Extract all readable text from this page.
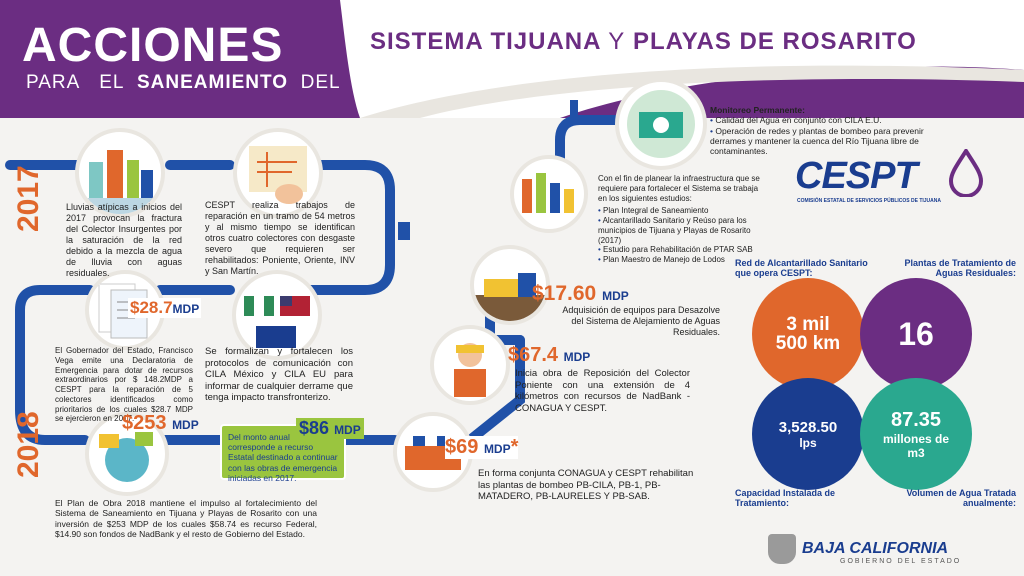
ACCIONES
PARA EL SANEAMIENTO DEL
SISTEMA TIJUANA Y PLAYAS DE ROSARITO
2017
2018
Lluvias atípicas a inicios del 2017 provocan la fractura del Colector Insurgentes por la saturación de la red debido a la mezcla de agua de lluvia con aguas residuales.
CESPT realiza trabajos de reparación en un tramo de 54 metros y al mismo tiempo se identifican otros cuatro colectores con desgaste severo que requieren ser rehabilitados: Poniente, Oriente, INV y San Martín.
El Gobernador del Estado, Francisco Vega emite una Declaratoria de Emergencia para dotar de recursos extraordinarios por $ 148.2MDP a CESPT para la reparación de 5 colectores identificados como prioritarios de los cuales $28.7 MDP se ejercieron en 2017.
Se formalizan y fortalecen los protocolos de comunicación con CILA México y CILA EU para informar de cualquier derrame que tenga impacto transfronterizo.
El Plan de Obra 2018 mantiene el impulso al fortalecimiento del Sistema de Saneamiento en Tijuana y Playas de Rosarito con una inversión de $253 MDP de los cuales $58.74 es recurso Federal, $14.90 son fondos de NadBank y el resto de Gobierno del Estado.
En forma conjunta CONAGUA y CESPT rehabilitan las plantas de bombeo PB-CILA, PB-1, PB-MATADERO, PB-LAURELES Y PB-SAB.
Inicia obra de Reposición del Colector Poniente con una extensión de 4 kilómetros con recursos de NadBank - CONAGUA Y CESPT.
Adquisición de equipos para Desazolve del Sistema de Alejamiento de Aguas Residuales.
Con el fin de planear la infraestructura que se requiere para fortalecer el Sistema se trabaja en los siguientes estudios:
• Plan Integral de Saneamiento
• Alcantarillado Sanitario y Reúso para los municipios de Tijuana y Playas de Rosarito (2017)
• Estudio para Rehabilitación de PTAR SAB
• Plan Maestro de Manejo de Lodos
Monitoreo Permanente:
• Calidad del Agua en conjunto con CILA E.U.
• Operación de redes y plantas de bombeo para prevenir derrames y mantener la cuenca del Río Tijuana libre de contaminantes.
$28.7MDP
$253 MDP
Del monto anual corresponde a recurso Estatal destinado a continuar con las obras de emergencia iniciadas en 2017.
$86 MDP
$69 MDP*
$67.4 MDP
$17.60 MDP
CESPT
COMISIÓN ESTATAL DE SERVICIOS PÚBLICOS DE TIJUANA
Red de Alcantarillado Sanitario que opera CESPT:
Plantas de Tratamiento de Aguas Residuales:
3 mil
500 km 16
3,528.50
lps
87.35
millones de m3
Capacidad Instalada de Tratamiento:
Volumen de Agua Tratada anualmente:
BAJA CALIFORNIA
GOBIERNO DEL ESTADO
